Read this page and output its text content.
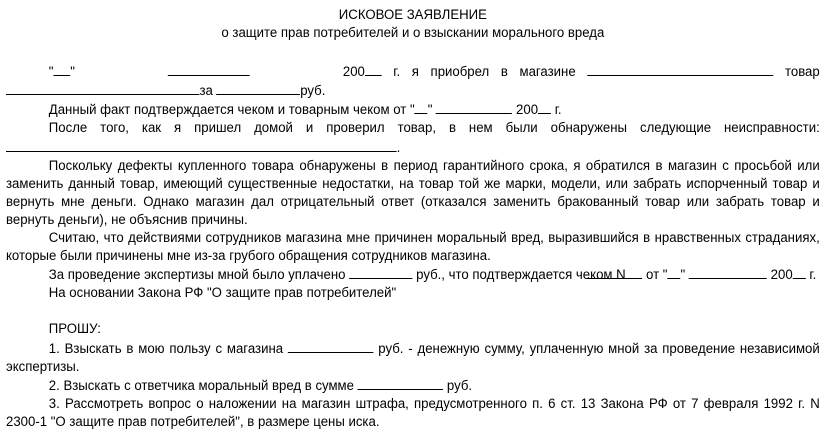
ИСКОВОЕ ЗАЯВЛЕНИЕ
о защите прав потребителей и о взыскании морального вреда

" "	200 г. я приобрел в магазине	товар

за	руб.

Данный факт подтверждается чеком и товарным чеком от " "	200 г.

После того, как я пришел домой и проверил товар, в нем были обнаружены следующие неисправности: .

Поскольку дефекты купленного товара обнаружены в период гарантийного срока, я обратился в магазин с просьбой или заменить данный товар, имеющий существенные недостатки, на товар той же марки, модели, или забрать испорченный товар и вернуть мне деньги. Однако магазин дал отрицательный ответ (отказался заменить бракованный товар или забрать товар и вернуть деньги), не объяснив причины.

Считаю, что действиями сотрудников магазина мне причинен моральный вред, выразившийся в нравственных страданиях, которые были причинены мне из-за грубого обращения сотрудников магазина.

За проведение экспертизы мной было уплачено	руб., что подтверждается чеком N от " "	200 г.

На основании Закона РФ "О защите прав потребителей"

ПРОШУ:

1. Взыскать в мою пользу с магазина	руб. - денежную сумму, уплаченную мной за проведение независимой экспертизы.

2. Взыскать с ответчика моральный вред в сумме	руб.

3. Рассмотреть вопрос о наложении на магазин штрафа, предусмотренного п. 6 ст. 13 Закона РФ от 7 февраля 1992 г. N 2300-1 "О защите прав потребителей", в размере цены иска.
